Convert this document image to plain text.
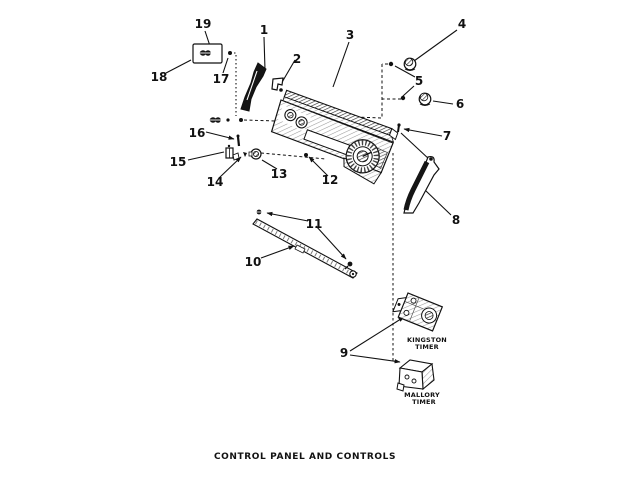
1
2
3
4
5
6
7
8
9
10
11
12
13
14
15
16
17
18
19
KINGSTON
TIMER
MALLORY
TIMER
CONTROL PANEL AND CONTROLS
